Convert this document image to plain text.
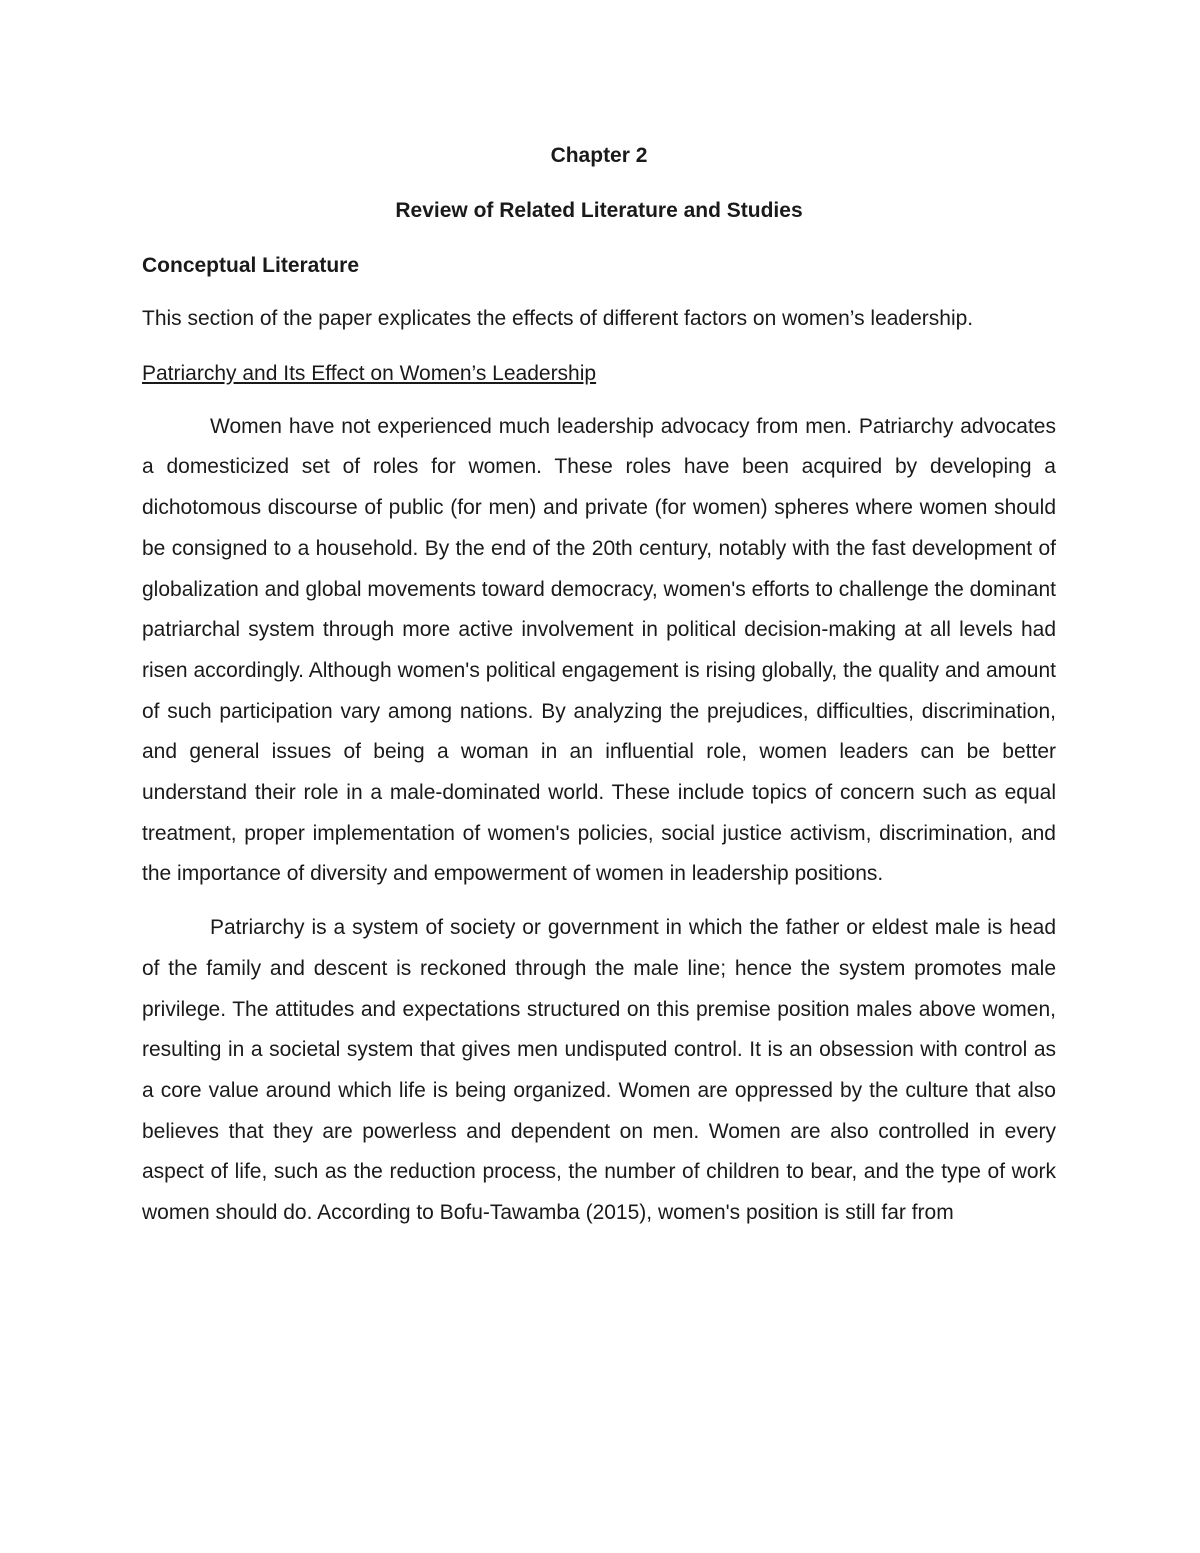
Chapter 2

Review of Related Literature and Studies

Conceptual Literature

This section of the paper explicates the effects of different factors on women’s leadership.

Patriarchy and Its Effect on Women’s Leadership

Women have not experienced much leadership advocacy from men. Patriarchy advocates a domesticized set of roles for women. These roles have been acquired by developing a dichotomous discourse of public (for men) and private (for women) spheres where women should be consigned to a household. By the end of the 20th century, notably with the fast development of globalization and global movements toward democracy, women's efforts to challenge the dominant patriarchal system through more active involvement in political decision-making at all levels had risen accordingly. Although women's political engagement is rising globally, the quality and amount of such participation vary among nations. By analyzing the prejudices, difficulties, discrimination, and general issues of being a woman in an influential role, women leaders can be better understand their role in a male-dominated world. These include topics of concern such as equal treatment, proper implementation of women's policies, social justice activism, discrimination, and the importance of diversity and empowerment of women in leadership positions.

Patriarchy is a system of society or government in which the father or eldest male is head of the family and descent is reckoned through the male line; hence the system promotes male privilege. The attitudes and expectations structured on this premise position males above women, resulting in a societal system that gives men undisputed control. It is an obsession with control as a core value around which life is being organized. Women are oppressed by the culture that also believes that they are powerless and dependent on men. Women are also controlled in every aspect of life, such as the reduction process, the number of children to bear, and the type of work women should do. According to Bofu-Tawamba (2015), women's position is still far from
